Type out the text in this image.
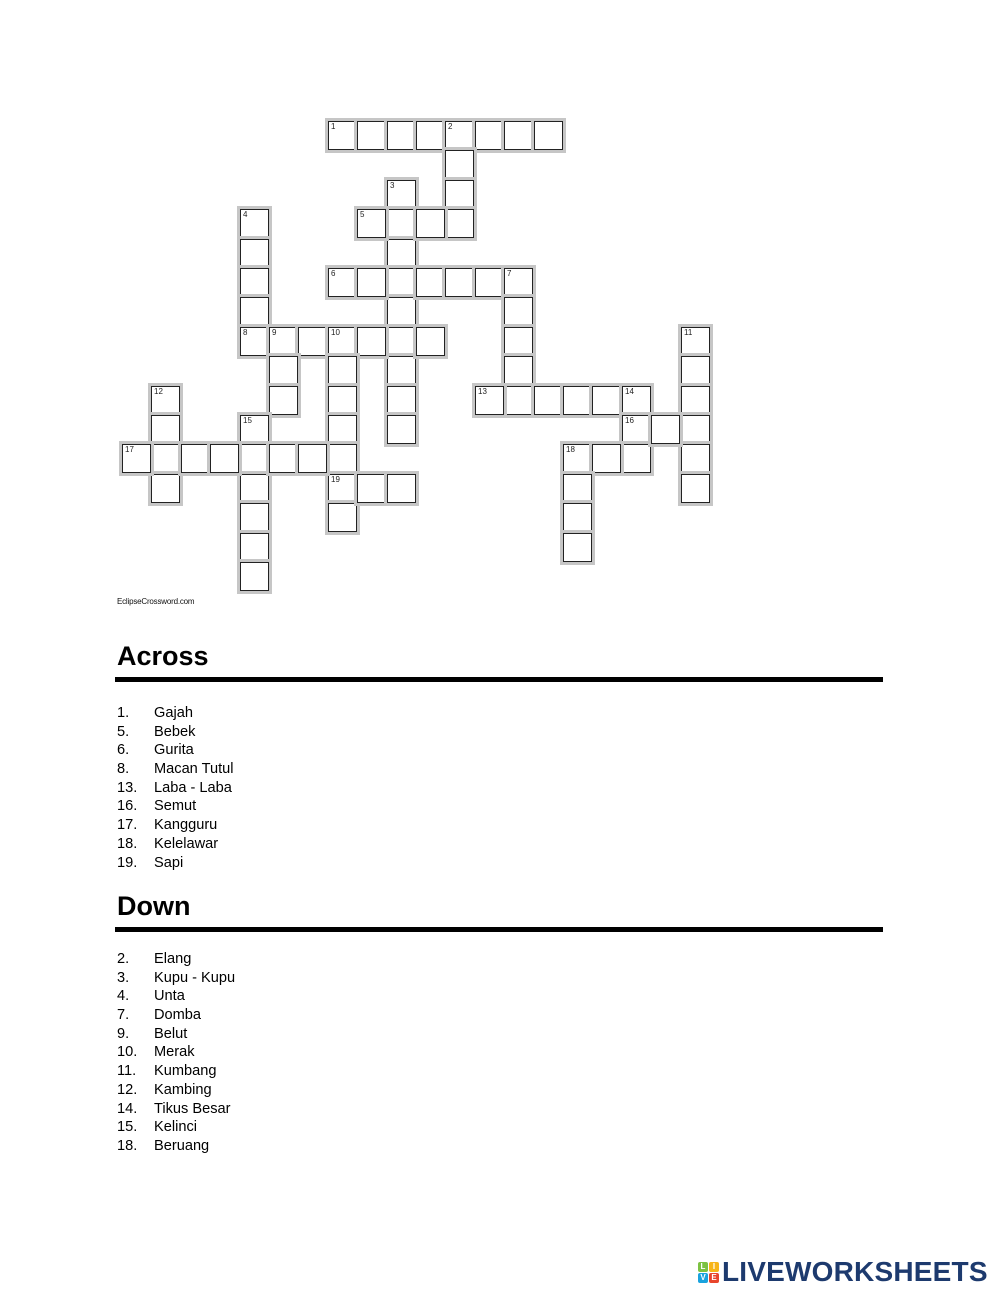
1	2
3
4
8
5
6	7
9	10
19
11
12	13	14
16
15
17	18
EclipseCrossword.com
Across
1. Gajah
5. Bebek
6. Gurita
8. Macan Tutul
13. Laba - Laba
16. Semut
17. Kangguru
18. Kelelawar
19. Sapi
Down
2. Elang
3. Kupu - Kupu
4. Unta
7. Domba
9. Belut
10. Merak
11. Kumbang
12. Kambing
14. Tikus Besar
15. Kelinci
18. Beruang
L I
V E LIVEWORKSHEETS
